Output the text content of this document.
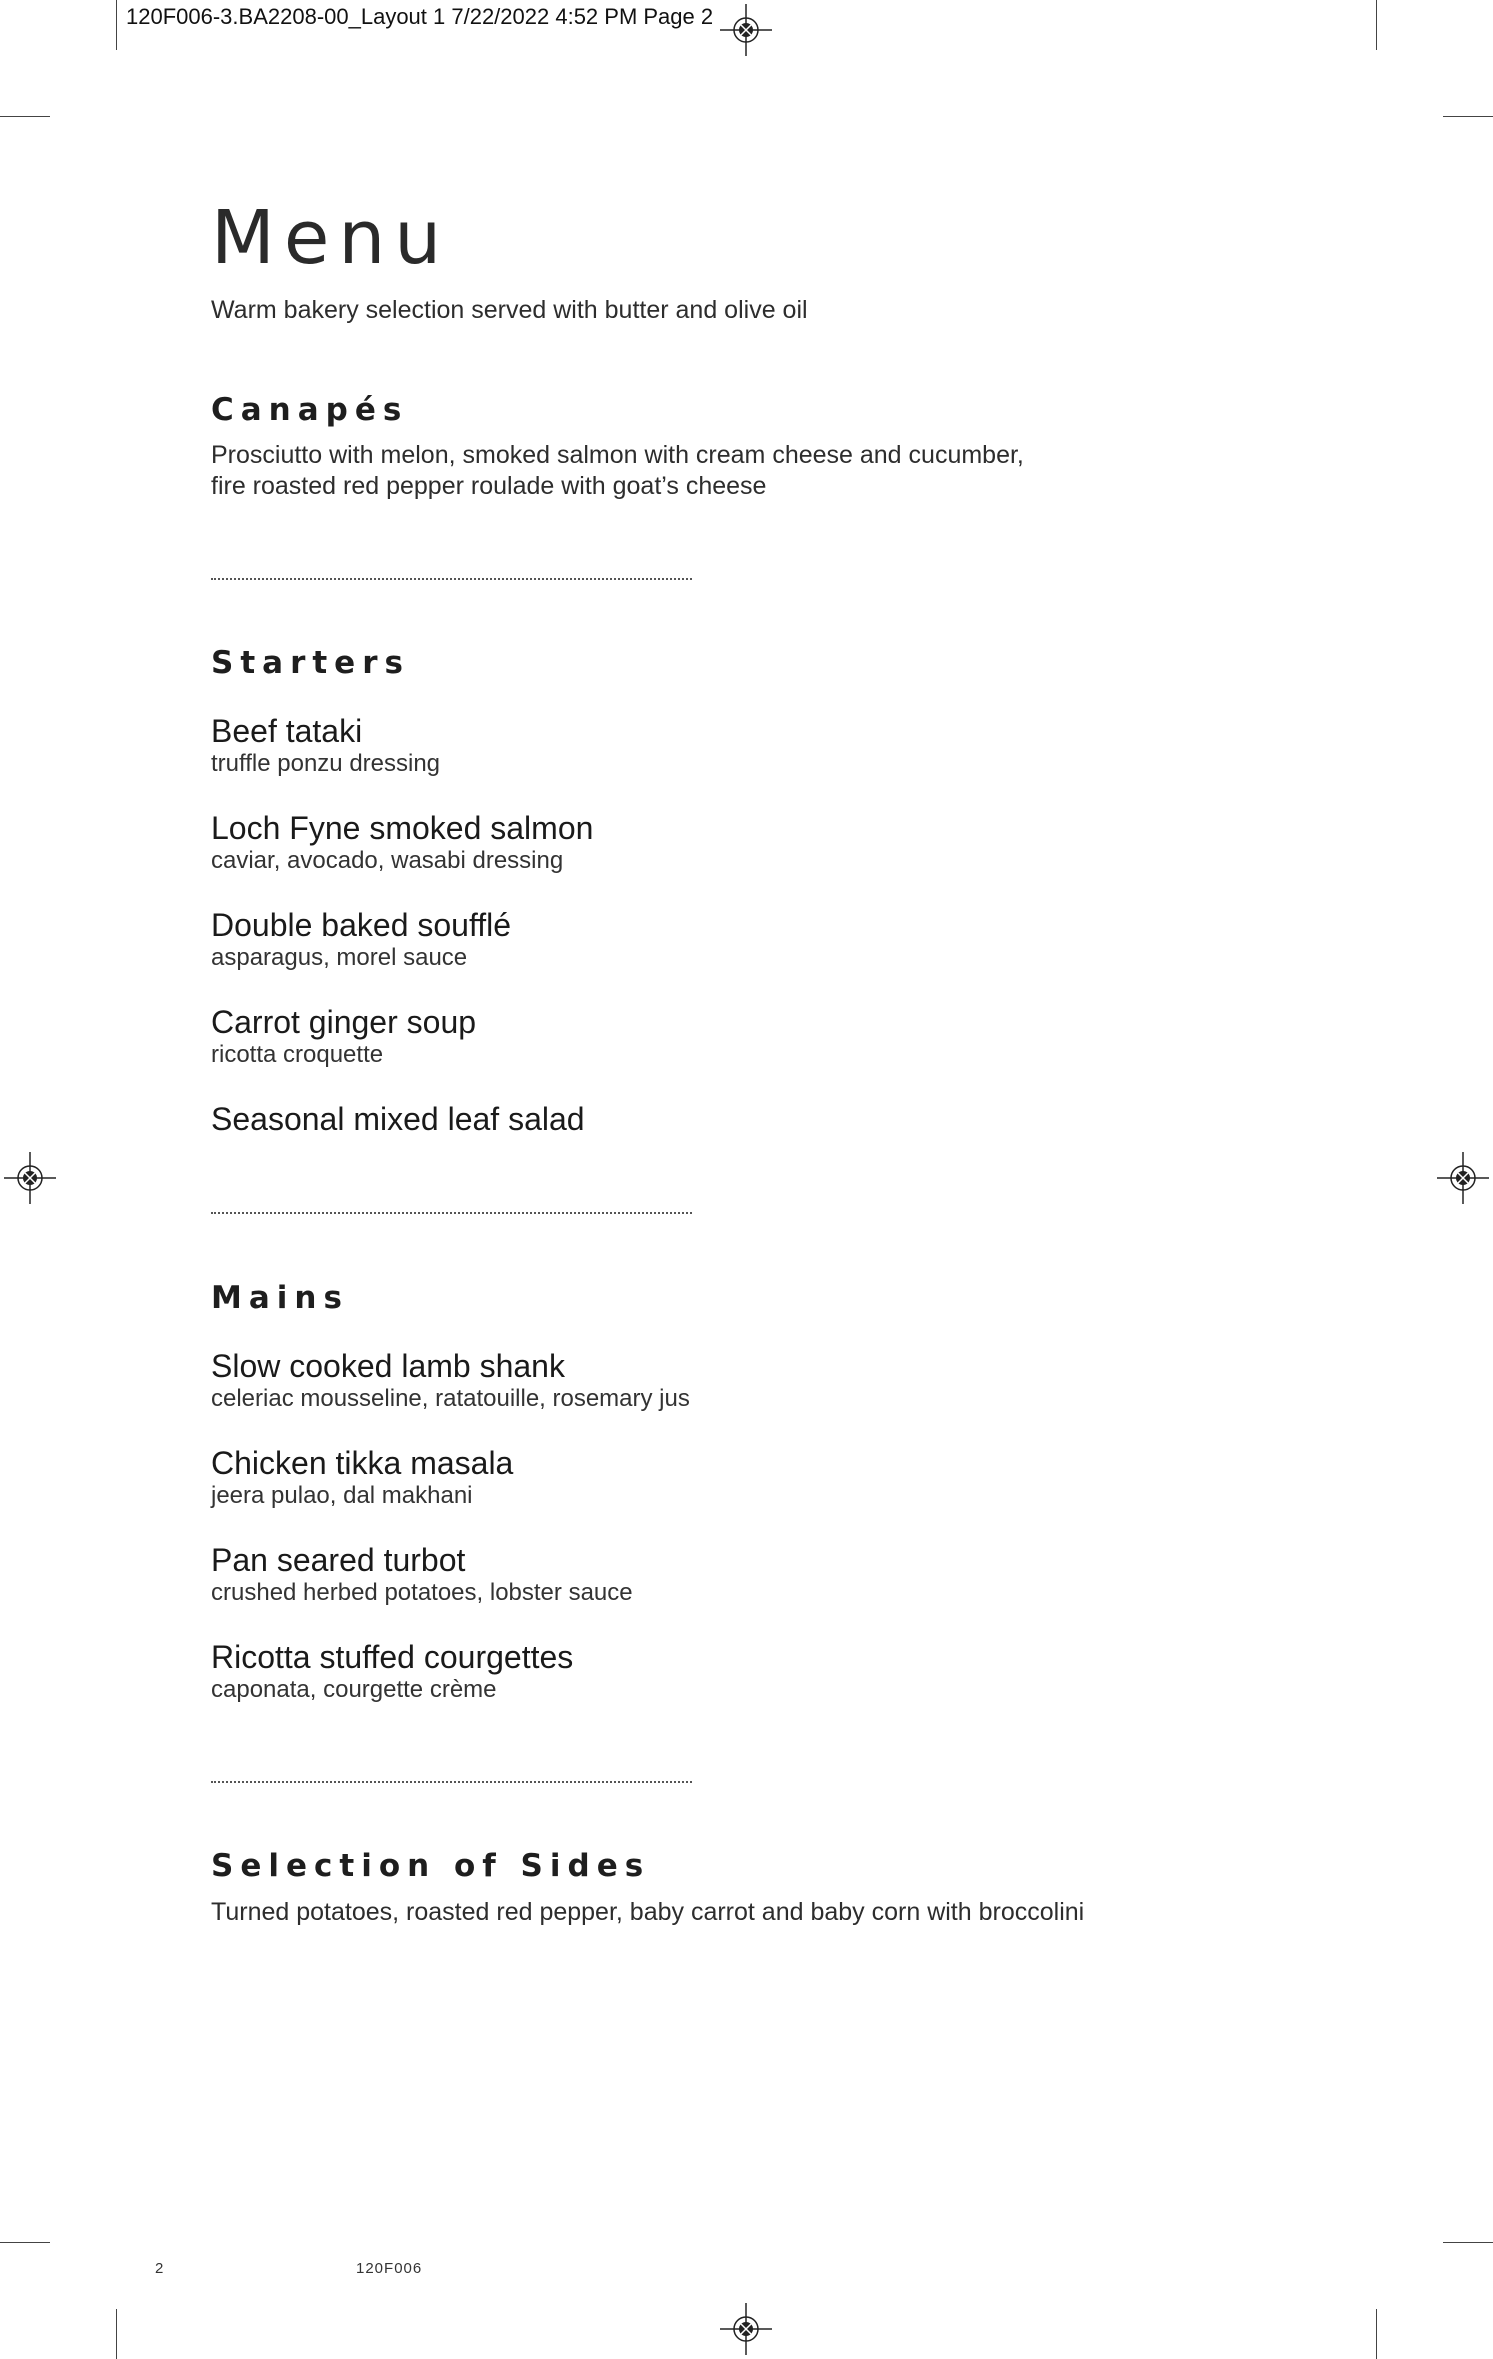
120F006-3.BA2208-00_Layout 1 7/22/2022 4:52 PM Page 2
Menu
Warm bakery selection served with butter and olive oil
Canapés
Prosciutto with melon, smoked salmon with cream cheese and cucumber,
fire roasted red pepper roulade with goat’s cheese
Starters
Beef tataki
truffle ponzu dressing
Loch Fyne smoked salmon
caviar, avocado, wasabi dressing
Double baked soufflé
asparagus, morel sauce
Carrot ginger soup
ricotta croquette
Seasonal mixed leaf salad
Mains
Slow cooked lamb shank
celeriac mousseline, ratatouille, rosemary jus
Chicken tikka masala
jeera pulao, dal makhani
Pan seared turbot
crushed herbed potatoes, lobster sauce
Ricotta stuffed courgettes
caponata, courgette crème
Selection of Sides
Turned potatoes, roasted red pepper, baby carrot and baby corn with broccolini
2	120F006
